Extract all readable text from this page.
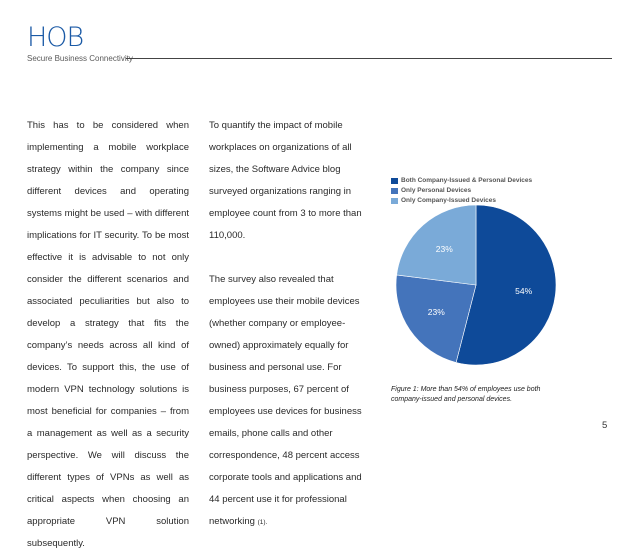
HOB
Secure Business Connectivity

This has to be considered when implementing a mobile workplace strategy within the company since different devices and operating systems might be used – with different implications for IT security. To be most effective it is advisable to not only consider the different scenarios and associated peculiarities but also to develop a strategy that fits the company’s needs across all kind of devices. To support this, the use of modern VPN technology solutions is most beneficial for companies – from a management as well as a security perspective. We will discuss the different types of VPNs as well as critical aspects when choosing an appropriate VPN solution subsequently.

To quantify the impact of mobile workplaces on organizations of all sizes, the Software Advice blog surveyed organizations ranging in employee count from 3 to more than 110,000.

The survey also revealed that employees use their mobile devices (whether company or employee-owned) approximately equally for business and personal use. For business purposes, 67 percent of employees use devices for business emails, phone calls and other correspondence, 48 percent access corporate tools and applications and 44 percent use it for professional networking (1).

Both Company-Issued & Personal Devices
Only Personal Devices
Only Company-Issued Devices
54%
23%
23%
Figure 1: More than 54% of employees use both company-issued and personal devices.
5
